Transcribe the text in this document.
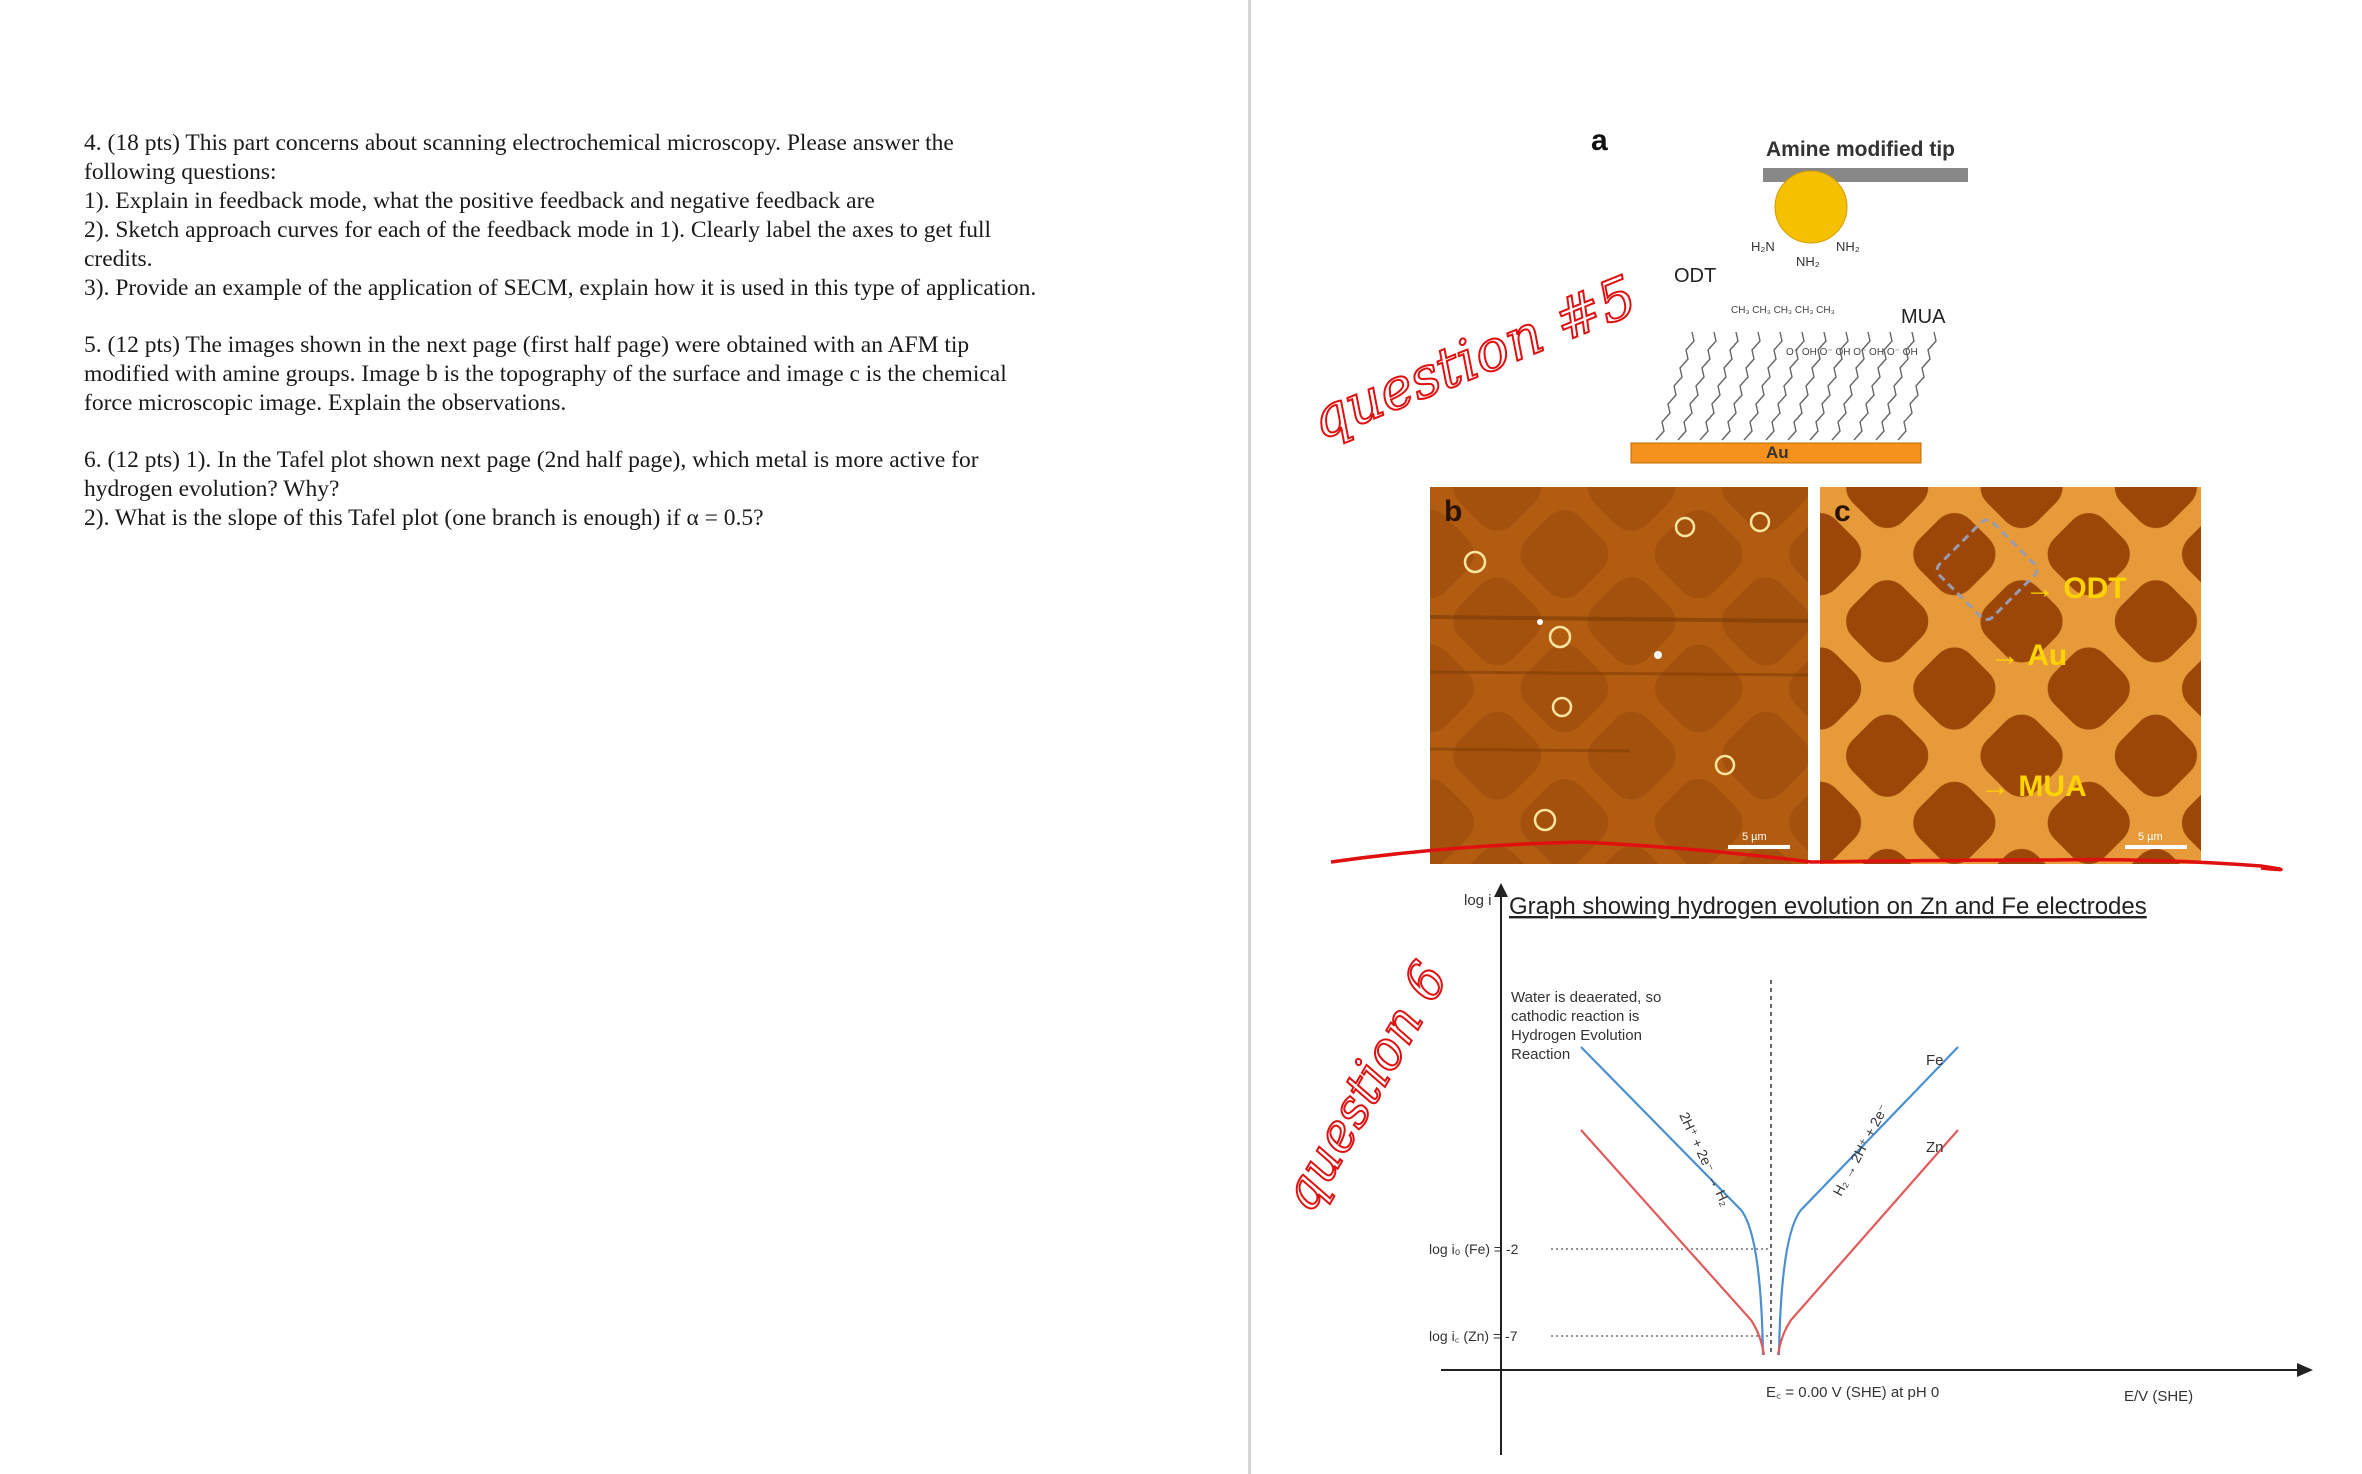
4. (18 pts) This part concerns about scanning electrochemical microscopy. Please answer the
following questions:
1). Explain in feedback mode, what the positive feedback and negative feedback are
2). Sketch approach curves for each of the feedback mode in 1). Clearly label the axes to get full
credits.
3). Provide an example of the application of SECM, explain how it is used in this type of application.
5. (12 pts) The images shown in the next page (first half page) were obtained with an AFM tip
modified with amine groups. Image b is the topography of the surface and image c is the chemical
force microscopic image. Explain the observations.
6. (12 pts) 1). In the Tafel plot shown next page (2nd half page), which metal is more active for
hydrogen evolution? Why?
2). What is the slope of this Tafel plot (one branch is enough) if α = 0.5?
a	Amine modified tip
H₂N	NH₂
NH₂
ODT
MUA
CH₃ CH₃ CH₃ CH₃ CH₃
O⁻ OH O⁻ OH O⁻ OH O⁻ OH
Au
b
5 µm
c
→ ODT
→ Au
→ MUA
5 µm
log i Graph showing hydrogen evolution on Zn and Fe electrodes
Water is deaerated, so cathodic reaction is Hydrogen Evolution Reaction	Fe
Zn
2H⁺ + 2e⁻ → H₂	H₂ → 2H⁺ + 2e⁻
log i₀ (Fe) = -2
log i꜀ (Zn) = -7
E꜀ = 0.00 V (SHE) at pH 0	E/V (SHE)
question #5
question 6
